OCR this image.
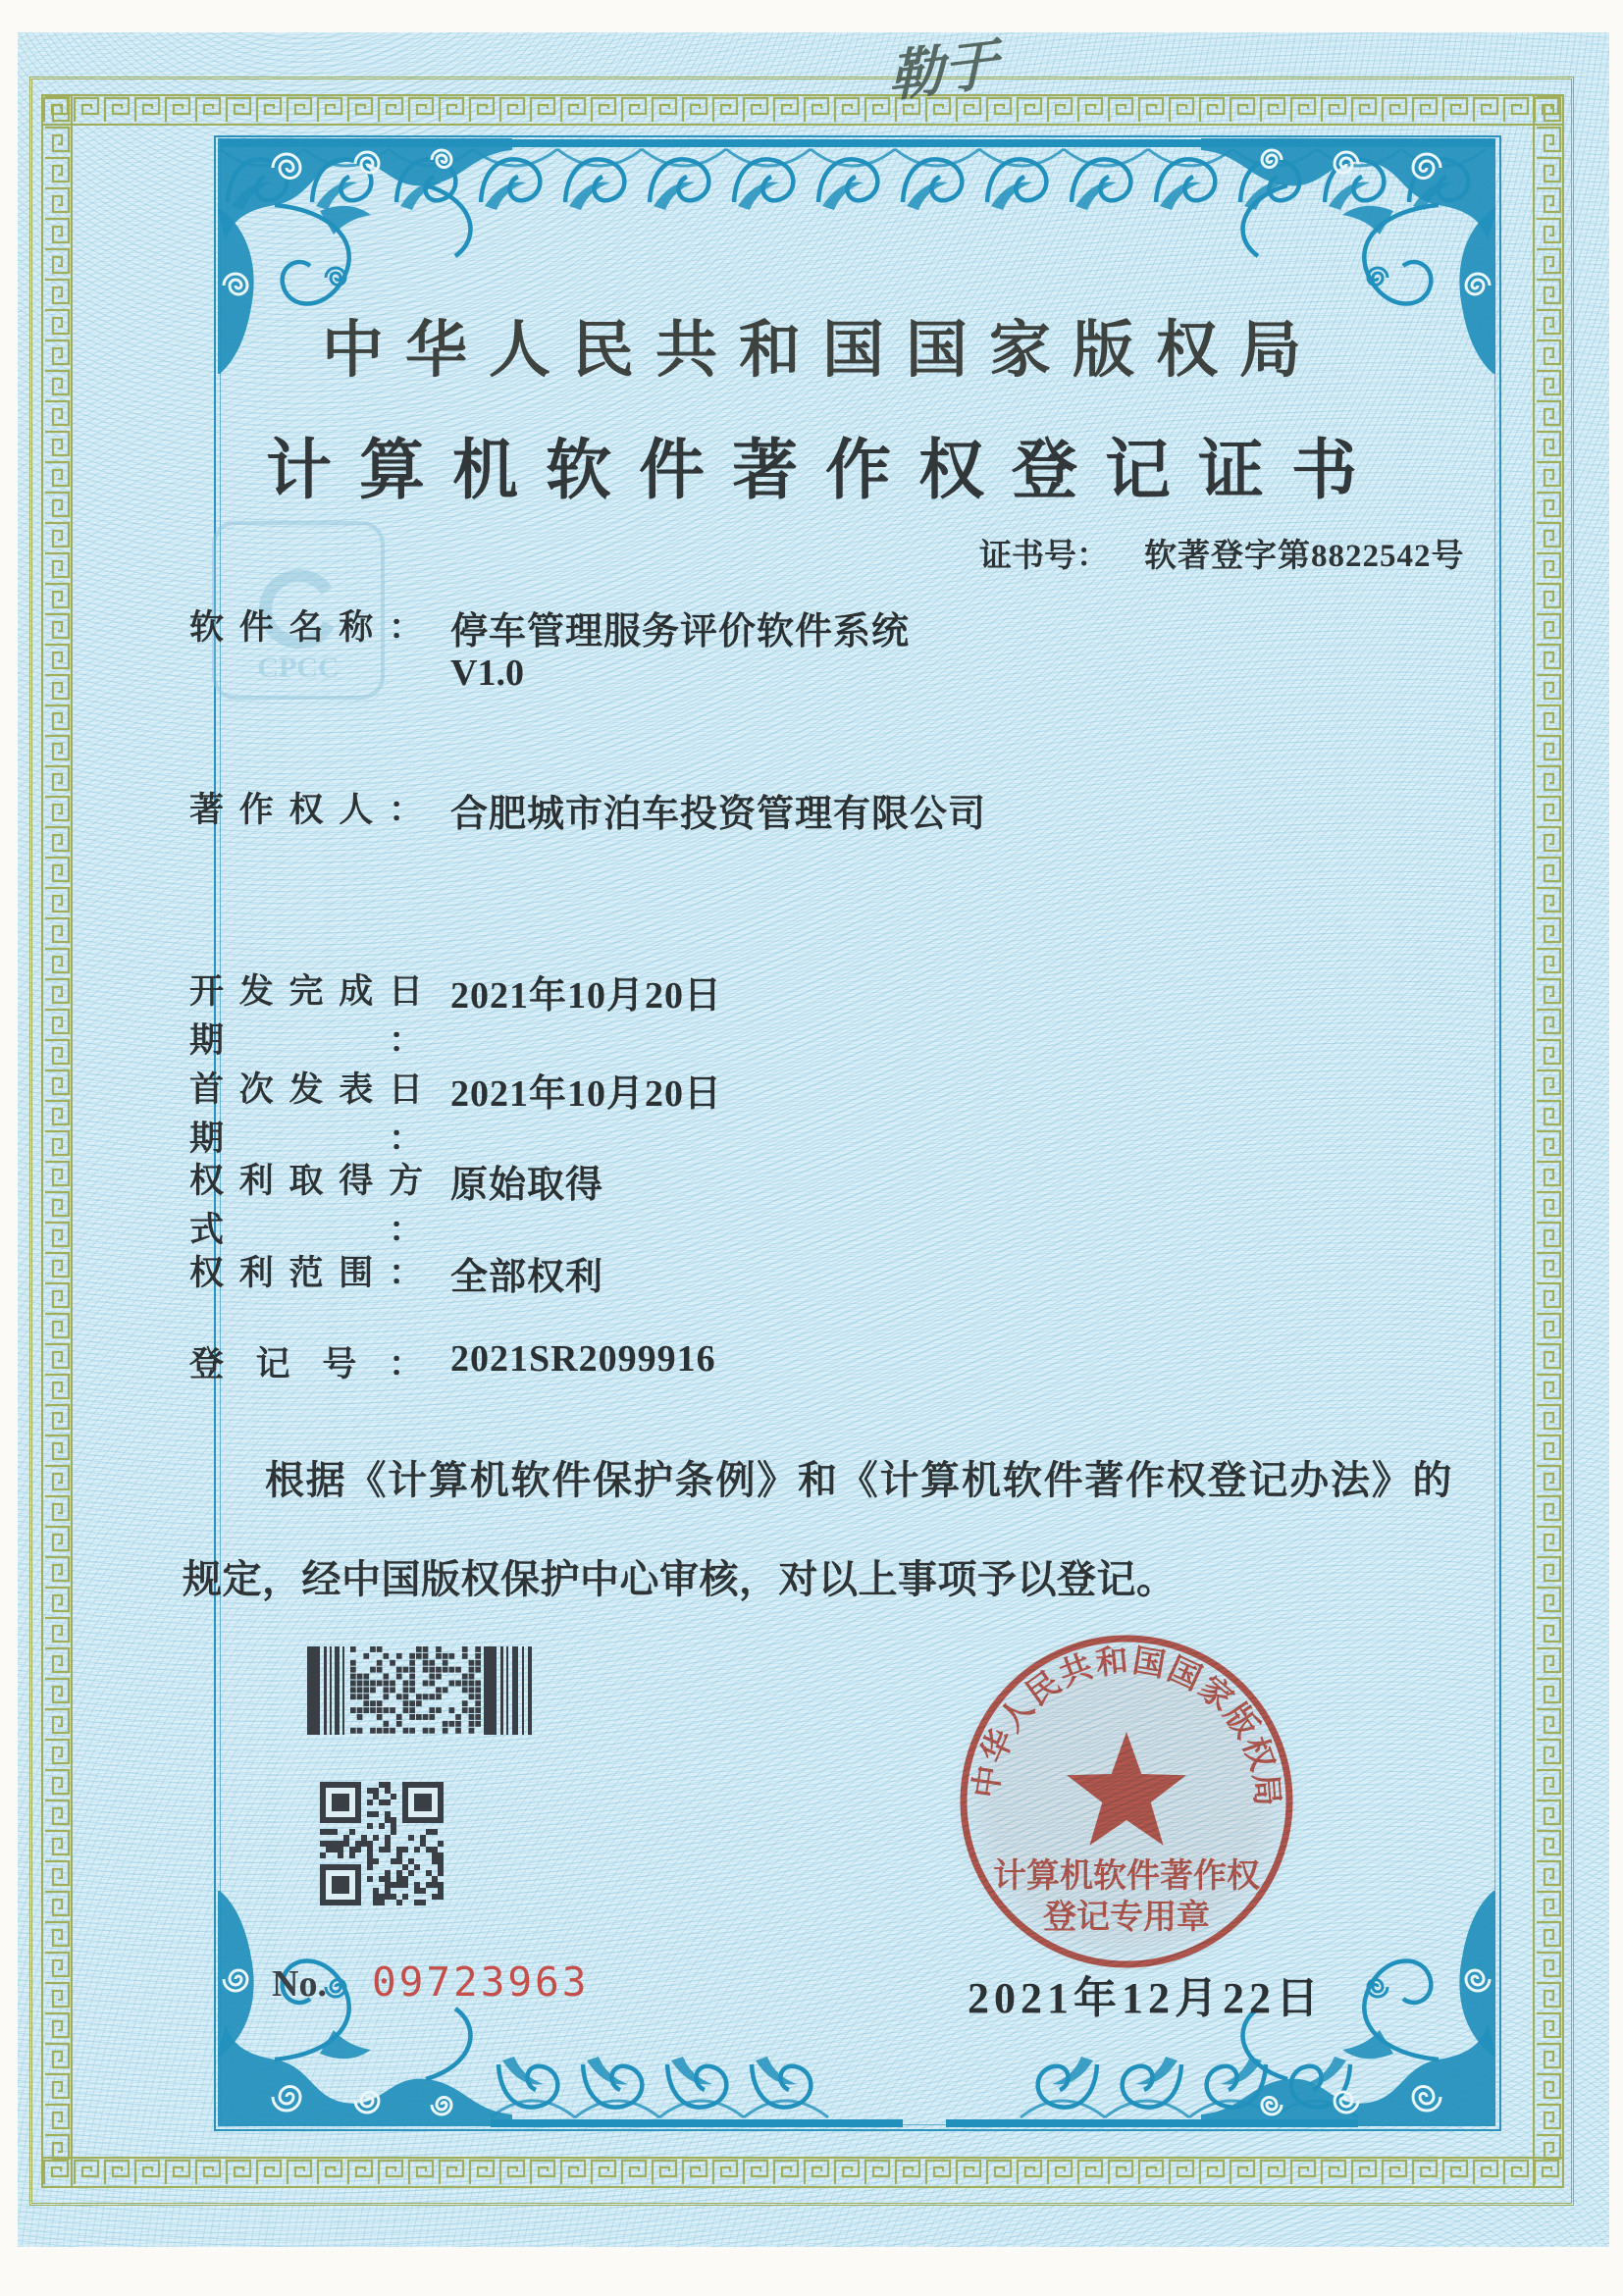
CPCC
勒于
中华人民共和国国家版权局
计算机软件著作权登记证书
证书号： 软著登字第8822542号
软件名称： 停车管理服务评价软件系统
V1.0
著作权人： 合肥城市泊车投资管理有限公司
开发完成日期：
2021年10月20日
首次发表日期：
2021年10月20日
权利取得方式：
原始取得
权利范围： 全部权利
登记号： 2021SR2099916
根据《计算机软件保护条例》和《计算机软件著作权登记办法》的规定，经中国版权保护中心审核，对以上事项予以登记。
No. 09723963	2021年12月22日
中华人民共和国国家版权局
计算机软件著作权
登记专用章
